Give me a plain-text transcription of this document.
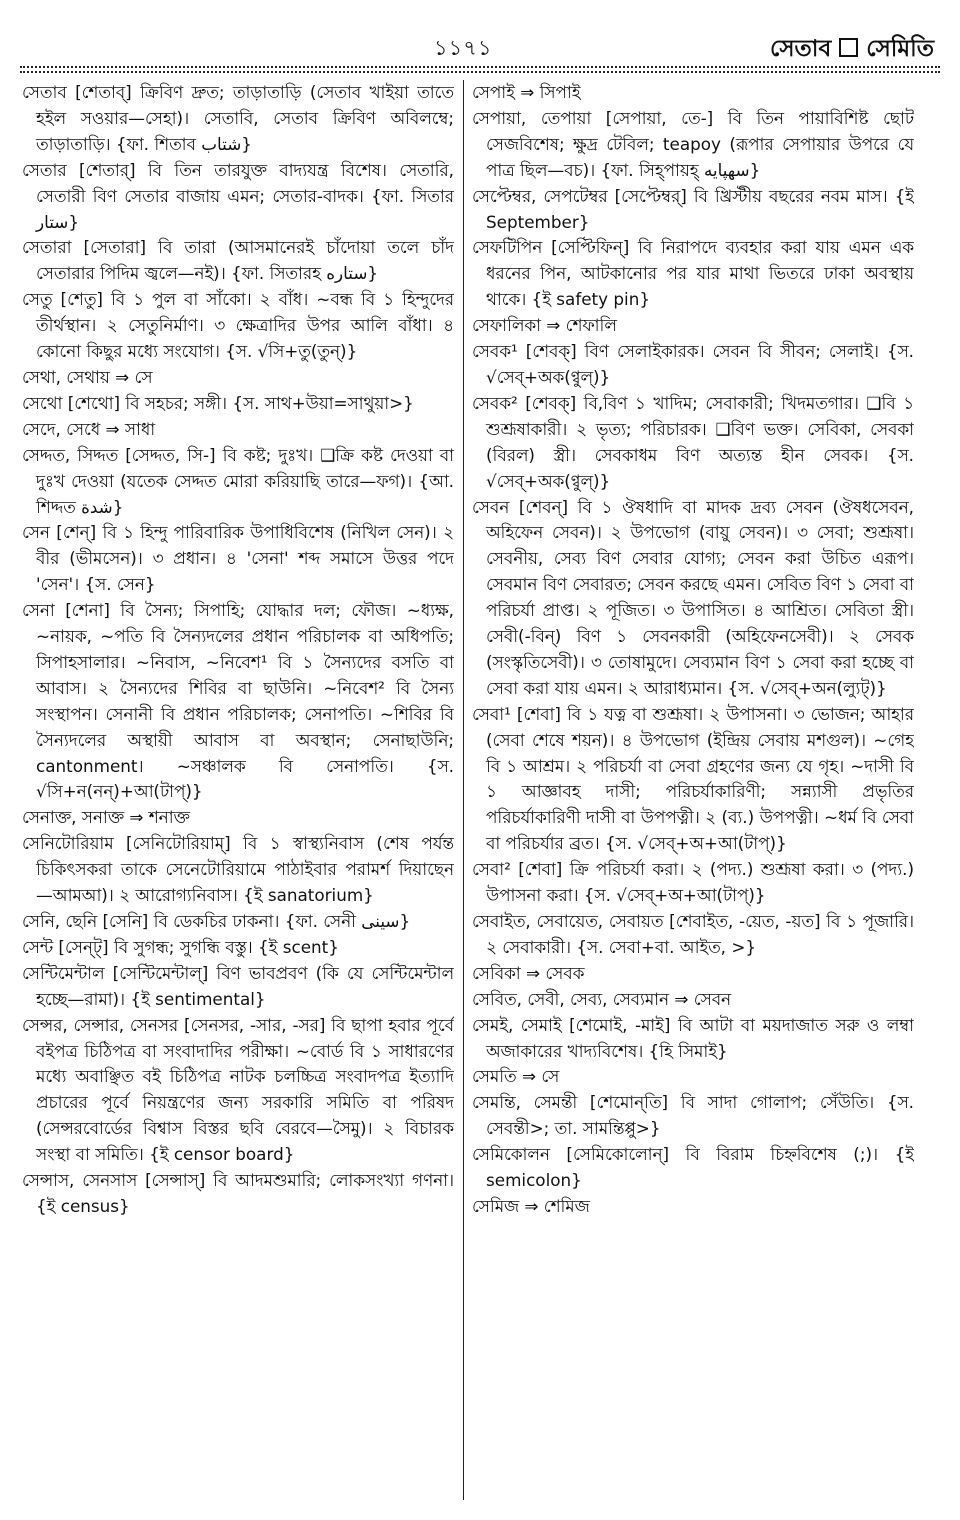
১১৭১	সেতাব সেমিতি
সেতাব [শেতাব্] ক্রিবিণ দ্রুত; তাড়াতাড়ি (সেতাব খাইয়া তাতে হইল সওয়ার—সেহা)। সেতাবি, সেতাব ক্রিবিণ অবিলম্বে; তাড়াতাড়ি। {ফা. শিতাব شتاب}
সেতার [শেতার্] বি তিন তারযুক্ত বাদ্যযন্ত্র বিশেষ। সেতারি, সেতারী বিণ সেতার বাজায় এমন; সেতার-বাদক। {ফা. সিতার ستار}
সেতারা [সেতারা] বি তারা (আসমানেরই চাঁদোয়া তলে চাঁদ সেতারার পিদিম জ্বলে—নই)। {ফা. সিতারহ ستاره}
সেতু [শেতু] বি ১ পুল বা সাঁকো। ২ বাঁধ। ~বন্ধ বি ১ হিন্দুদের তীর্থস্থান। ২ সেতুনির্মাণ। ৩ ক্ষেত্রাদির উপর আলি বাঁধা। ৪ কোনো কিছুর মধ্যে সংযোগ। {স. √সি+তু(তুন্)}
সেথা, সেথায় ⇒ সে
সেথো [শেথো] বি সহচর; সঙ্গী। {স. সাথ+উয়া=সাথুয়া>}
সেদে, সেধে ⇒ সাধা
সেদ্দত, সিদ্দত [সেদ্দত, সি-] বি কষ্ট; দুঃখ। ❑ক্রি কষ্ট দেওয়া বা দুঃখ দেওয়া (যতেক সেদ্দত মোরা করিয়াছি তারে—ফগ)। {আ. শিদ্দত شدة}
সেন [শেন্] বি ১ হিন্দু পারিবারিক উপাধিবিশেষ (নিখিল সেন)। ২ বীর (ভীমসেন)। ৩ প্রধান। ৪ 'সেনা' শব্দ সমাসে উত্তর পদে 'সেন'। {স. সেন}
সেনা [শেনা] বি সৈন্য; সিপাহি; যোদ্ধার দল; ফৌজ। ~ধ্যক্ষ, ~নায়ক, ~পতি বি সৈন্যদলের প্রধান পরিচালক বা অধিপতি; সিপাহসালার। ~নিবাস, ~নিবেশ¹ বি ১ সৈন্যদের বসতি বা আবাস। ২ সৈন্যদের শিবির বা ছাউনি। ~নিবেশ² বি সৈন্য সংস্থাপন। সেনানী বি প্রধান পরিচালক; সেনাপতি। ~শিবির বি সৈন্যদলের অস্থায়ী আবাস বা অবস্থান; সেনাছাউনি; cantonment। ~সঞ্চালক বি সেনাপতি। {স. √সি+ন(নন্)+আ(টাপ্)}
সেনাক্ত, সনাক্ত ⇒ শনাক্ত
সেনিটোরিয়াম [সেনিটোরিয়াম্] বি ১ স্বাস্থ্যনিবাস (শেষ পর্যন্ত চিকিৎসকরা তাকে সেনেটোরিয়ামে পাঠাইবার পরামর্শ দিয়াছেন—আমআ)। ২ আরোগ্যনিবাস। {ই sanatorium}
সেনি, ছেনি [সেনি] বি ডেকচির ঢাকনা। {ফা. সেনী سینی}
সেন্ট [সেন্ট্] বি সুগন্ধ; সুগন্ধি বস্তু। {ই scent}
সেন্টিমেন্টাল [সেন্টিমেন্টাল্] বিণ ভাবপ্রবণ (কি যে সেন্টিমেন্টাল হচ্ছে—রামা)। {ই sentimental}
সেন্সর, সেন্সার, সেনসর [সেনসর, -সার, -সর] বি ছাপা হবার পূর্বে বইপত্র চিঠিপত্র বা সংবাদাদির পরীক্ষা। ~বোর্ড বি ১ সাধারণের মধ্যে অবাঞ্ছিত বই চিঠিপত্র নাটক চলচ্চিত্র সংবাদপত্র ইত্যাদি প্রচারের পূর্বে নিয়ন্ত্রণের জন্য সরকারি সমিতি বা পরিষদ (সেন্সরবোর্ডের বিশ্বাস বিস্তর ছবি বেরবে—সৈমু)। ২ বিচারক সংস্থা বা সমিতি। {ই censor board}
সেন্সাস, সেনসাস [সেন্সাস্] বি আদমশুমারি; লোকসংখ্যা গণনা। {ই census}
সেপাই ⇒ সিপাই
সেপায়া, তেপায়া [সেপায়া, তে-] বি তিন পায়াবিশিষ্ট ছোট সেজবিশেষ; ক্ষুদ্র টেবিল; teapoy (রূপার সেপায়ার উপরে যে পাত্র ছিল—বচ)। {ফা. সিহ্পায়হ্ سهپایه}
সেপ্টেম্বর, সেপটেম্বর [সেপ্টেম্বর্] বি খ্রিস্টীয় বছরের নবম মাস। {ই September}
সেফটিপিন [সেপ্টিফিন্] বি নিরাপদে ব্যবহার করা যায় এমন এক ধরনের পিন, আটকানোর পর যার মাথা ভিতরে ঢাকা অবস্থায় থাকে। {ই safety pin}
সেফালিকা ⇒ শেফালি
সেবক¹ [শেবক্] বিণ সেলাইকারক। সেবন বি সীবন; সেলাই। {স. √সেব্+অক(ণ্বুল্)}
সেবক² [শেবক্] বি,বিণ ১ খাদিম; সেবাকারী; খিদমতগার। ❑বি ১ শুশ্রূষাকারী। ২ ভৃত্য; পরিচারক। ❑বিণ ভক্ত। সেবিকা, সেবকা (বিরল) স্ত্রী। সেবকাধম বিণ অত্যন্ত হীন সেবক। {স. √সেব্+অক(ণ্বুল্)}
সেবন [শেবন্] বি ১ ঔষধাদি বা মাদক দ্রব্য সেবন (ঔষধসেবন, অহিফেন সেবন)। ২ উপভোগ (বায়ু সেবন)। ৩ সেবা; শুশ্রূষা। সেবনীয়, সেব্য বিণ সেবার যোগ্য; সেবন করা উচিত এরূপ। সেবমান বিণ সেবারত; সেবন করছে এমন। সেবিত বিণ ১ সেবা বা পরিচর্যা প্রাপ্ত। ২ পূজিত। ৩ উপাসিত। ৪ আশ্রিত। সেবিতা স্ত্রী। সেবী(-বিন্) বিণ ১ সেবনকারী (অহিফেনসেবী)। ২ সেবক (সংস্কৃতিসেবী)। ৩ তোষামুদে। সেব্যমান বিণ ১ সেবা করা হচ্ছে বা সেবা করা যায় এমন। ২ আরাধ্যমান। {স. √সেব্+অন(ল্যুট্)}
সেবা¹ [শেবা] বি ১ যত্ন বা শুশ্রূষা। ২ উপাসনা। ৩ ভোজন; আহার (সেবা শেষে শয়ন)। ৪ উপভোগ (ইন্দ্রিয় সেবায় মশগুল)। ~গেহ বি ১ আশ্রম। ২ পরিচর্যা বা সেবা গ্রহণের জন্য যে গৃহ। ~দাসী বি ১ আজ্ঞাবহ দাসী; পরিচর্যাকারিণী; সন্ন্যাসী প্রভৃতির পরিচর্যাকারিণী দাসী বা উপপত্নী। ২ (ব্য.) উপপত্নী। ~ধর্ম বি সেবা বা পরিচর্যার ব্রত। {স. √সেব্+অ+আ(টাপ্)}
সেবা² [শেবা] ক্রি পরিচর্যা করা। ২ (পদ্য.) শুশ্রূষা করা। ৩ (পদ্য.) উপাসনা করা। {স. √সেব্+অ+আ(টাপ্)}
সেবাইত, সেবায়েত, সেবায়ত [শেবাইত, -য়েত, -য়ত] বি ১ পূজারি। ২ সেবাকারী। {স. সেবা+বা. আইত, >}
সেবিকা ⇒ সেবক
সেবিত, সেবী, সেব্য, সেব্যমান ⇒ সেবন
সেমই, সেমাই [শেমোই, -মাই] বি আটা বা ময়দাজাত সরু ও লম্বা অজাকারের খাদ্যবিশেষ। {হি সিমাই}
সেমতি ⇒ সে
সেমন্তি, সেমন্তী [শেমোন্‌তি] বি সাদা গোলাপ; সেঁউতি। {স. সেবন্তী>; তা. সামন্তিপ্পু>}
সেমিকোলন [সেমিকোলোন্] বি বিরাম চিহ্নবিশেষ (;)। {ই semicolon}
সেমিজ ⇒ শেমিজ
